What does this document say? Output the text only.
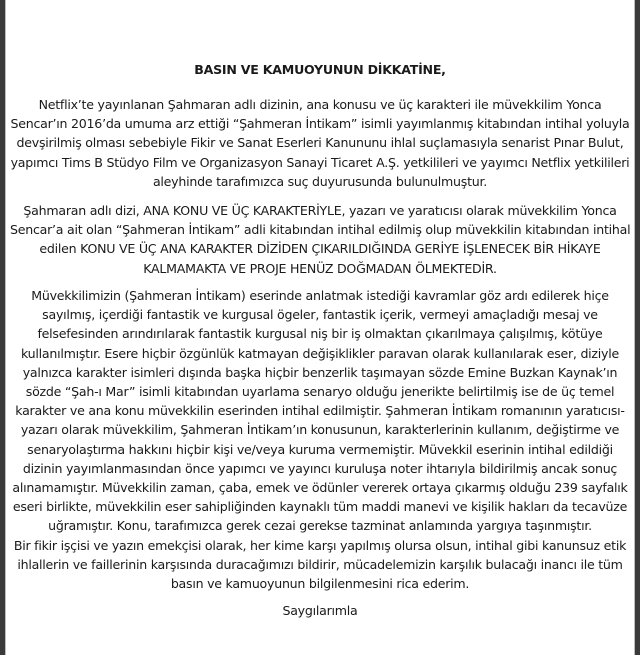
BASIN VE KAMUOYUNUN DİKKATİNE,

Netflix’te yayınlanan Şahmaran adlı dizinin, ana konusu ve üç karakteri ile müvekkilim Yonca
Sencar’ın 2016’da umuma arz ettiği “Şahmeran İntikam” isimli yayımlanmış kitabından intihal yoluyla
devşirilmiş olması sebebiyle Fikir ve Sanat Eserleri Kanununu ihlal suçlamasıyla senarist Pınar Bulut,
yapımcı Tims B Stüdyo Film ve Organizasyon Sanayi Ticaret A.Ş. yetkilileri ve yayımcı Netflix yetkilileri
aleyhinde tarafımızca suç duyurusunda bulunulmuştur.

Şahmaran adlı dizi, ANA KONU VE ÜÇ KARAKTERİYLE, yazarı ve yaratıcısı olarak müvekkilim Yonca
Sencar’a ait olan “Şahmeran İntikam” adli kitabından intihal edilmiş olup müvekkilin kitabından intihal
edilen KONU VE ÜÇ ANA KARAKTER DİZİDEN ÇIKARILDIĞINDA GERİYE İŞLENECEK BİR HİKAYE
KALMAMAKTA VE PROJE HENÜZ DOĞMADAN ÖLMEKTEDİR.

Müvekkilimizin (Şahmeran İntikam) eserinde anlatmak istediği kavramlar göz ardı edilerek hiçe
sayılmış, içerdiği fantastik ve kurgusal ögeler, fantastik içerik, vermeyi amaçladığı mesaj ve
felsefesinden arındırılarak fantastik kurgusal niş bir iş olmaktan çıkarılmaya çalışılmış, kötüye
kullanılmıştır. Esere hiçbir özgünlük katmayan değişiklikler paravan olarak kullanılarak eser, diziyle
yalnızca karakter isimleri dışında başka hiçbir benzerlik taşımayan sözde Emine Buzkan Kaynak’ın
sözde “Şah-ı Mar” isimli kitabından uyarlama senaryo olduğu jenerikte belirtilmiş ise de üç temel
karakter ve ana konu müvekkilin eserinden intihal edilmiştir. Şahmeran İntikam romanının yaratıcısı-
yazarı olarak müvekkilim, Şahmeran İntikam’ın konusunun, karakterlerinin kullanım, değiştirme ve
senaryolaştırma hakkını hiçbir kişi ve/veya kuruma vermemiştir. Müvekkil eserinin intihal edildiği
dizinin yayımlanmasından önce yapımcı ve yayıncı kuruluşa noter ihtarıyla bildirilmiş ancak sonuç
alınamamıştır. Müvekkilin zaman, çaba, emek ve ödünler vererek ortaya çıkarmış olduğu 239 sayfalık
eseri birlikte, müvekkilin eser sahipliğinden kaynaklı tüm maddi manevi ve kişilik hakları da tecavüze
uğramıştır. Konu, tarafımızca gerek cezai gerekse tazminat anlamında yargıya taşınmıştır.
Bir fikir işçisi ve yazın emekçisi olarak, her kime karşı yapılmış olursa olsun, intihal gibi kanunsuz etik
ihlallerin ve faillerinin karşısında duracağımızı bildirir, mücadelemizin karşılık bulacağı inancı ile tüm
basın ve kamuoyunun bilgilenmesini rica ederim.

Saygılarımla
